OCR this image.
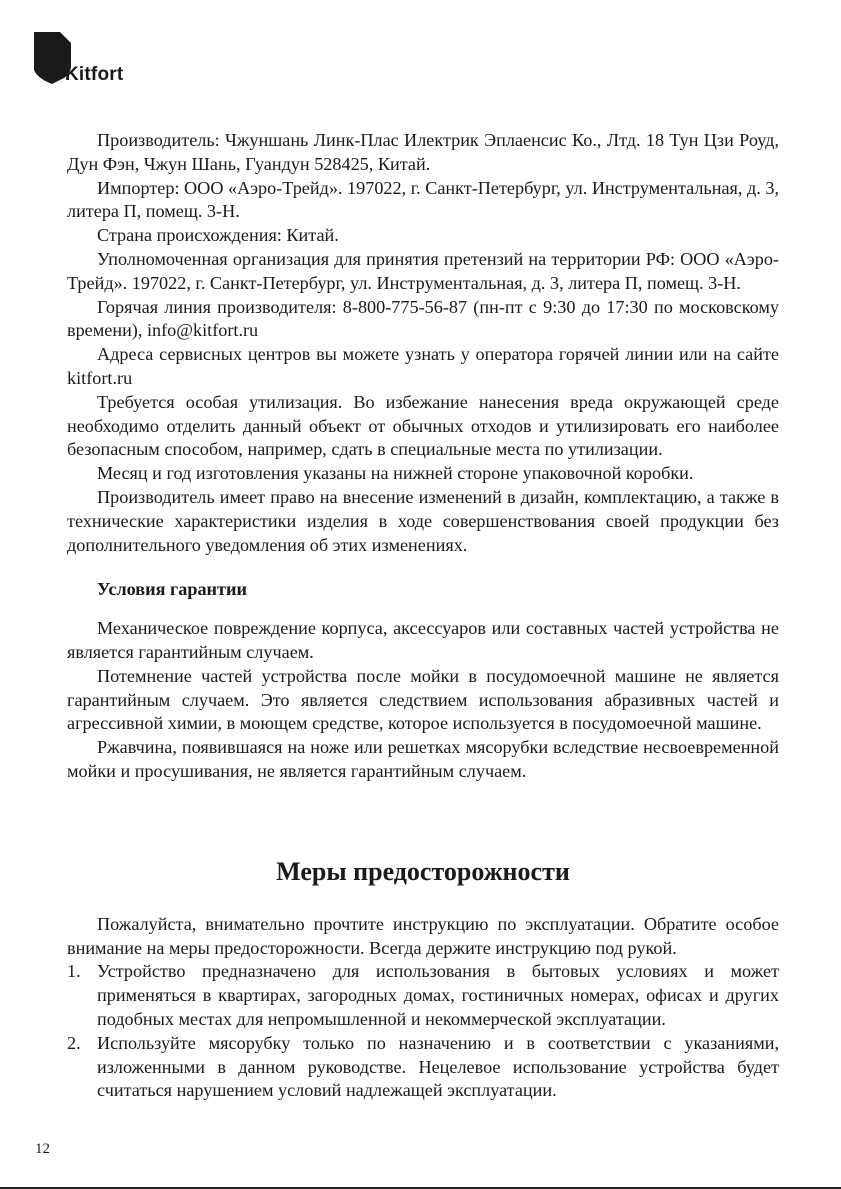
Kitfort

Производитель: Чжуншань Линк-Плас Илектрик Эплаенсис Ко., Лтд. 18 Тун Цзи Роуд, Дун Фэн, Чжун Шань, Гуандун 528425, Китай.

Импортер: ООО «Аэро-Трейд». 197022, г. Санкт-Петербург, ул. Инструментальная, д. 3, литера П, помещ. 3-Н.

Страна происхождения: Китай.

Уполномоченная организация для принятия претензий на территории РФ: ООО «Аэро-Трейд». 197022, г. Санкт-Петербург, ул. Инструментальная, д. 3, литера П, помещ. 3-Н.

Горячая линия производителя: 8-800-775-56-87 (пн-пт с 9:30 до 17:30 по московскому времени), info@kitfort.ru

Адреса сервисных центров вы можете узнать у оператора горячей линии или на сайте kitfort.ru

Требуется особая утилизация. Во избежание нанесения вреда окружающей среде необходимо отделить данный объект от обычных отходов и утилизировать его наиболее безопасным способом, например, сдать в специальные места по утилизации.

Месяц и год изготовления указаны на нижней стороне упаковочной коробки.

Производитель имеет право на внесение изменений в дизайн, комплектацию, а также в технические характеристики изделия в ходе совершенствования своей продукции без дополнительного уведомления об этих изменениях.

Условия гарантии

Механическое повреждение корпуса, аксессуаров или составных частей устройства не является гарантийным случаем.

Потемнение частей устройства после мойки в посудомоечной машине не является гарантийным случаем. Это является следствием использования абразивных частей и агрессивной химии, в моющем средстве, которое используется в посудомоечной машине.

Ржавчина, появившаяся на ноже или решетках мясорубки вследствие несвоевременной мойки и просушивания, не является гарантийным случаем.

Меры предосторожности

Пожалуйста, внимательно прочтите инструкцию по эксплуатации. Обратите особое внимание на меры предосторожности. Всегда держите инструкцию под рукой.

1. Устройство предназначено для использования в бытовых условиях и может применяться в квартирах, загородных домах, гостиничных номерах, офисах и других подобных местах для непромышленной и некоммерческой эксплуатации.
2. Используйте мясорубку только по назначению и в соответствии с указаниями, изложенными в данном руководстве. Нецелевое использование устройства будет считаться нарушением условий надлежащей эксплуатации.
12
